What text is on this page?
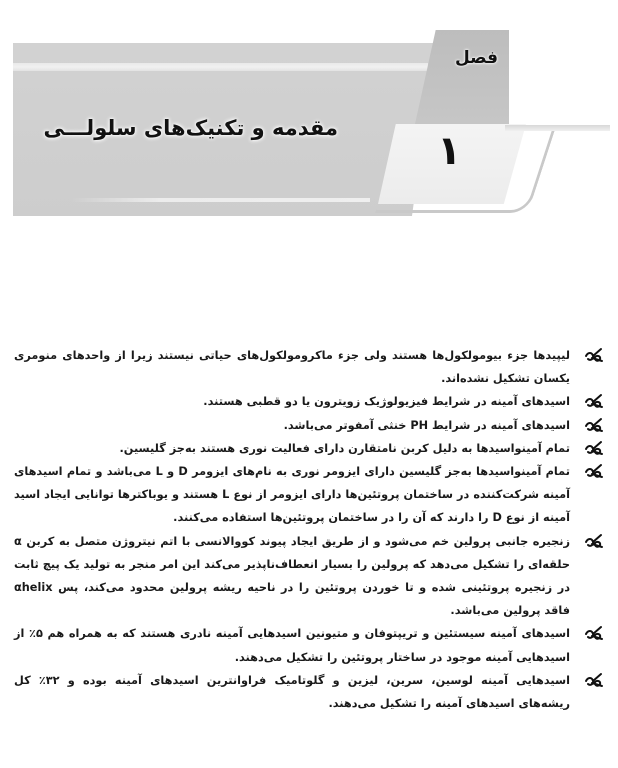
فصل
۱
مقدمه و تکنیک‌های سلولـــی

لیپیدها جزء بیومولکول‌ها هستند ولی جزء ماکرومولکول‌های حیاتی نیستند زیرا از واحدهای منومری یکسان تشکیل نشده‌اند.

اسیدهای آمینه در شرایط فیزیولوژیک زویترون یا دو قطبی هستند.

اسیدهای آمینه در شرایط PH خنثی آمفوتر می‌باشد.

تمام آمینواسیدها به دلیل کربن نامتقارن دارای فعالیت نوری هستند به‌جز گلیسین.

تمام آمینواسیدها به‌جز گلیسین دارای ایزومر نوری به نام‌های ایزومر D و L می‌باشد و تمام اسیدهای آمینه شرکت‌کننده در ساختمان پروتئین‌ها دارای ایزومر از نوع L هستند و یوباکترها توانایی ایجاد اسید آمینه از نوع D را دارند که آن را در ساختمان پروتئین‌ها استفاده می‌کنند.

زنجیره جانبی پرولین خم می‌شود و از طریق ایجاد پیوند کووالانسی با اتم نیتروژن متصل به کربن α حلقه‌ای را تشکیل می‌دهد که پرولین را بسیار انعطاف‌ناپذیر می‌کند این امر منجر به تولید یک پیچ ثابت در زنجیره پروتئینی شده و تا خوردن پروتئین را در ناحیه ریشه پرولین محدود می‌کند، پس αhelix فاقد پرولین می‌باشد.

اسیدهای آمینه سیستئین و تریپتوفان و متیونین اسیدهایی آمینه نادری هستند که به همراه هم ۵٪ از اسیدهایی آمینه موجود در ساختار پروتئین را تشکیل می‌دهند.

اسیدهایی آمینه لوسین، سرین، لیزین و گلوتامیک فراوانترین اسیدهای آمینه بوده و ۳۲٪ کل ریشه‌های اسیدهای آمینه را تشکیل می‌دهند.
